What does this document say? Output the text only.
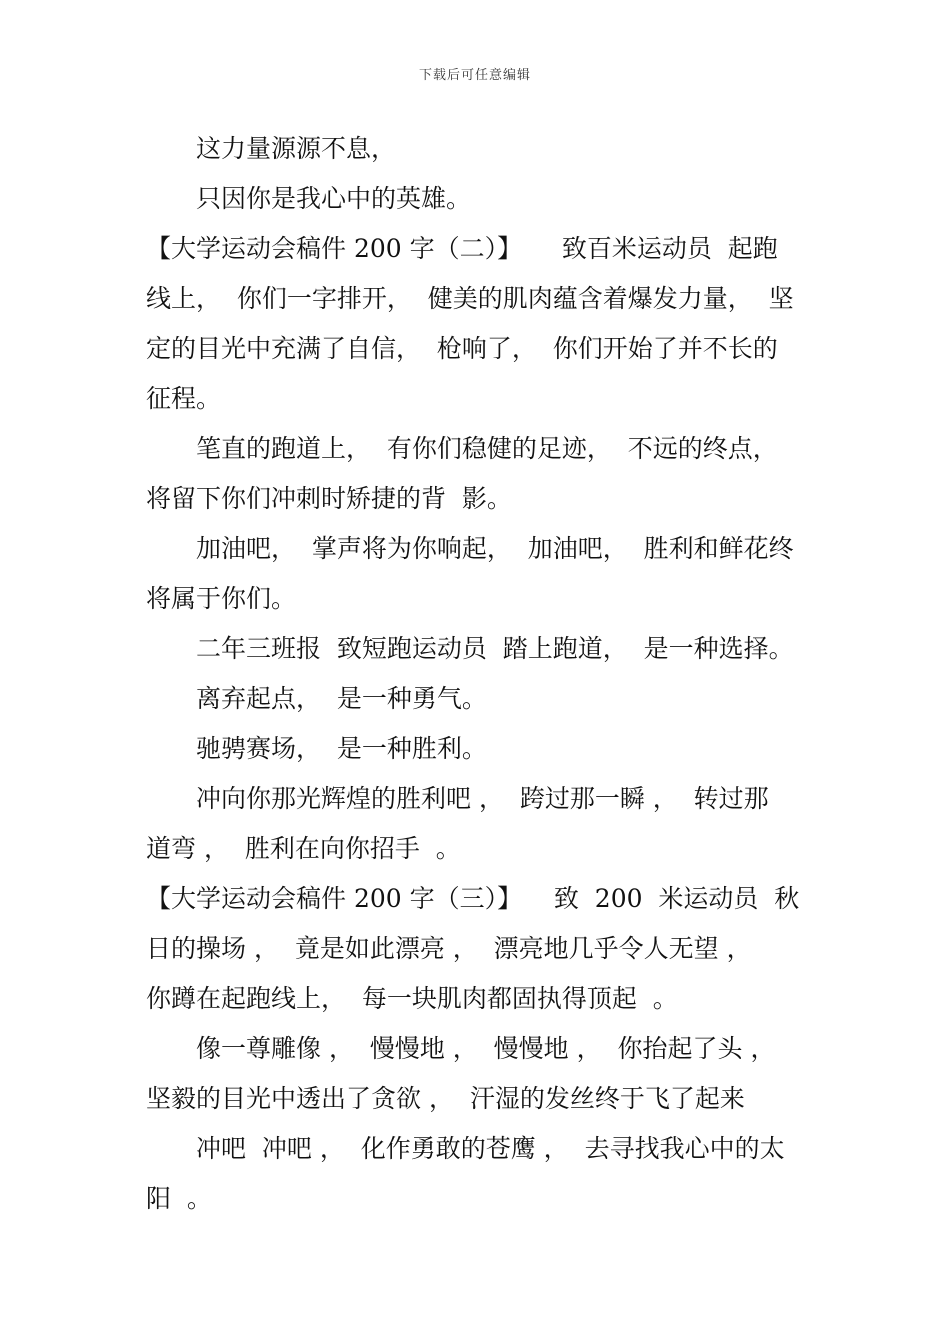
下载后可任意编辑
这力量源源不息，
只因你是我心中的英雄。
【大学运动会稿件 200 字（二）】     致百米运动员  起跑
线上，  你们一字排开，  健美的肌肉蕴含着爆发力量，  坚
定的目光中充满了自信，  枪响了，  你们开始了并不长的
征程。
笔直的跑道上，  有你们稳健的足迹，  不远的终点，
将留下你们冲刺时矫捷的背  影。
加油吧，  掌声将为你响起，  加油吧，  胜利和鲜花终
将属于你们。
二年三班报  致短跑运动员  踏上跑道，  是一种选择。
离弃起点，  是一种勇气。
驰骋赛场，  是一种胜利。
冲向你那光辉煌的胜利吧 ，  跨过那一瞬 ，  转过那
道弯 ，  胜利在向你招手  。
【大学运动会稿件 200 字（三）】    致  200  米运动员  秋
日的操场 ，  竟是如此漂亮 ，  漂亮地几乎令人无望 ，
你蹲在起跑线上，  每一块肌肉都固执得顶起  。
像一尊雕像 ，  慢慢地 ，  慢慢地 ，  你抬起了头 ，
坚毅的目光中透出了贪欲 ，  汗湿的发丝终于飞了起来
冲吧  冲吧 ，  化作勇敢的苍鹰 ，  去寻找我心中的太
阳  。
